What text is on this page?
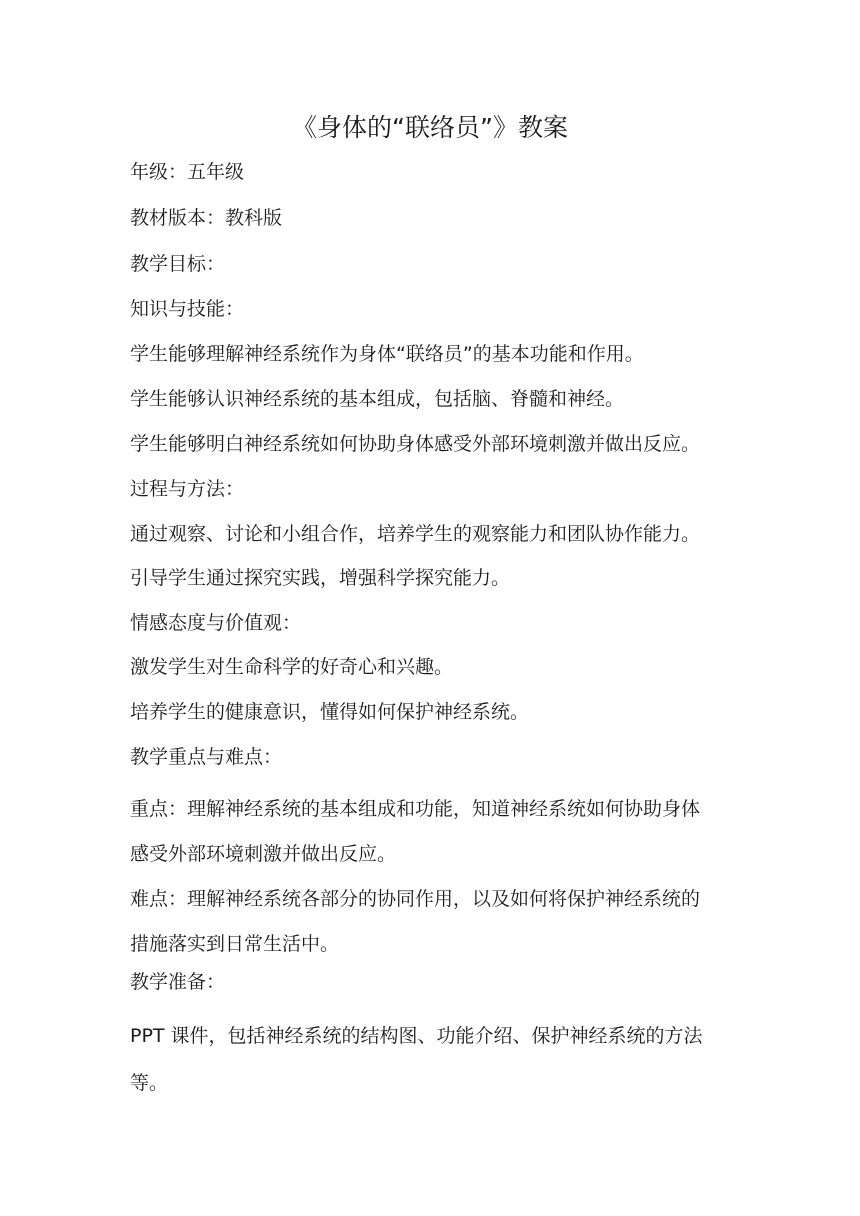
《身体的“联络员”》教案
年级：五年级
教材版本：教科版
教学目标：
知识与技能：
学生能够理解神经系统作为身体“联络员”的基本功能和作用。
学生能够认识神经系统的基本组成，包括脑、脊髓和神经。
学生能够明白神经系统如何协助身体感受外部环境刺激并做出反应。
过程与方法：
通过观察、讨论和小组合作，培养学生的观察能力和团队协作能力。
引导学生通过探究实践，增强科学探究能力。
情感态度与价值观：
激发学生对生命科学的好奇心和兴趣。
培养学生的健康意识，懂得如何保护神经系统。
教学重点与难点：
重点：理解神经系统的基本组成和功能，知道神经系统如何协助身体
感受外部环境刺激并做出反应。
难点：理解神经系统各部分的协同作用，以及如何将保护神经系统的
措施落实到日常生活中。
教学准备：
PPT 课件，包括神经系统的结构图、功能介绍、保护神经系统的方法
等。
